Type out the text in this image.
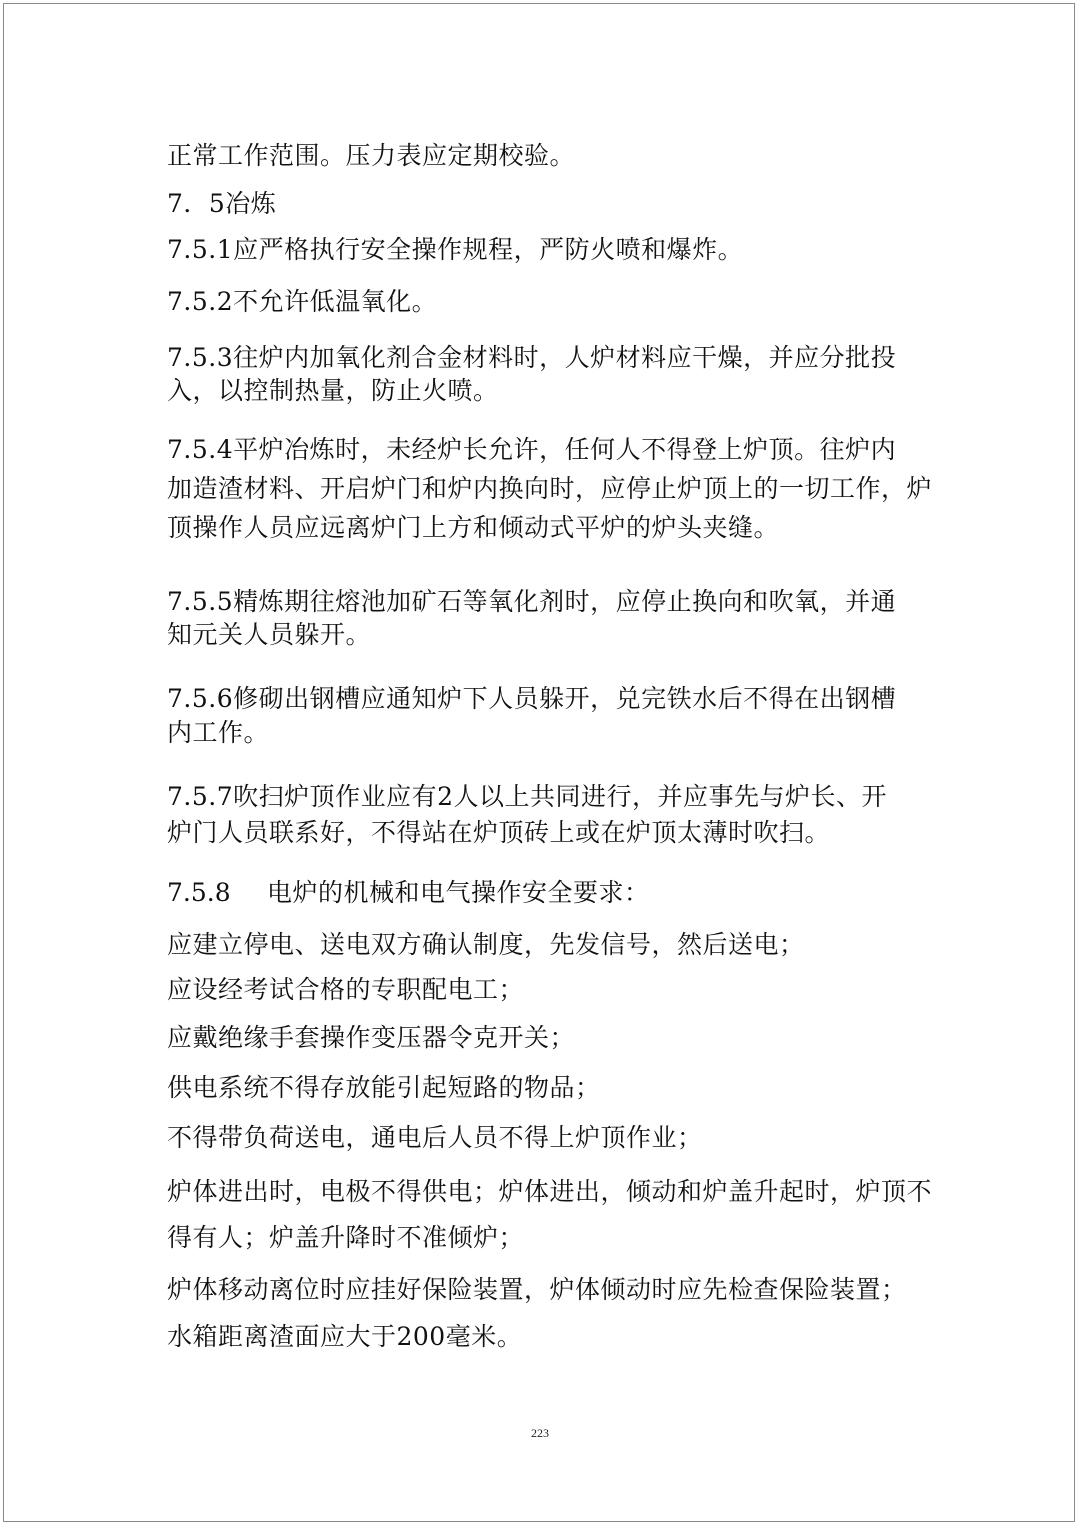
正常工作范围。压力表应定期校验。
7．5冶炼
7.5.1应严格执行安全操作规程，严防火喷和爆炸。
7.5.2不允许低温氧化。
7.5.3往炉内加氧化剂合金材料时，人炉材料应干燥，并应分批投
入，以控制热量，防止火喷。
7.5.4平炉冶炼时，未经炉长允许，任何人不得登上炉顶。往炉内
加造渣材料、开启炉门和炉内换向时，应停止炉顶上的一切工作，炉
顶操作人员应远离炉门上方和倾动式平炉的炉头夹缝。
7.5.5精炼期往熔池加矿石等氧化剂时，应停止换向和吹氧，并通
知元关人员躲开。
7.5.6修砌出钢槽应通知炉下人员躲开，兑完铁水后不得在出钢槽
内工作。
7.5.7吹扫炉顶作业应有2人以上共同进行，并应事先与炉长、开
炉门人员联系好，不得站在炉顶砖上或在炉顶太薄时吹扫。
7.5.8 电炉的机械和电气操作安全要求：
应建立停电、送电双方确认制度，先发信号，然后送电；
应设经考试合格的专职配电工；
应戴绝缘手套操作变压器令克开关；
供电系统不得存放能引起短路的物品；
不得带负荷送电，通电后人员不得上炉顶作业；
炉体进出时，电极不得供电；炉体进出，倾动和炉盖升起时，炉顶不
得有人；炉盖升降时不准倾炉；
炉体移动离位时应挂好保险装置，炉体倾动时应先检查保险装置；
水箱距离渣面应大于200毫米。
223
